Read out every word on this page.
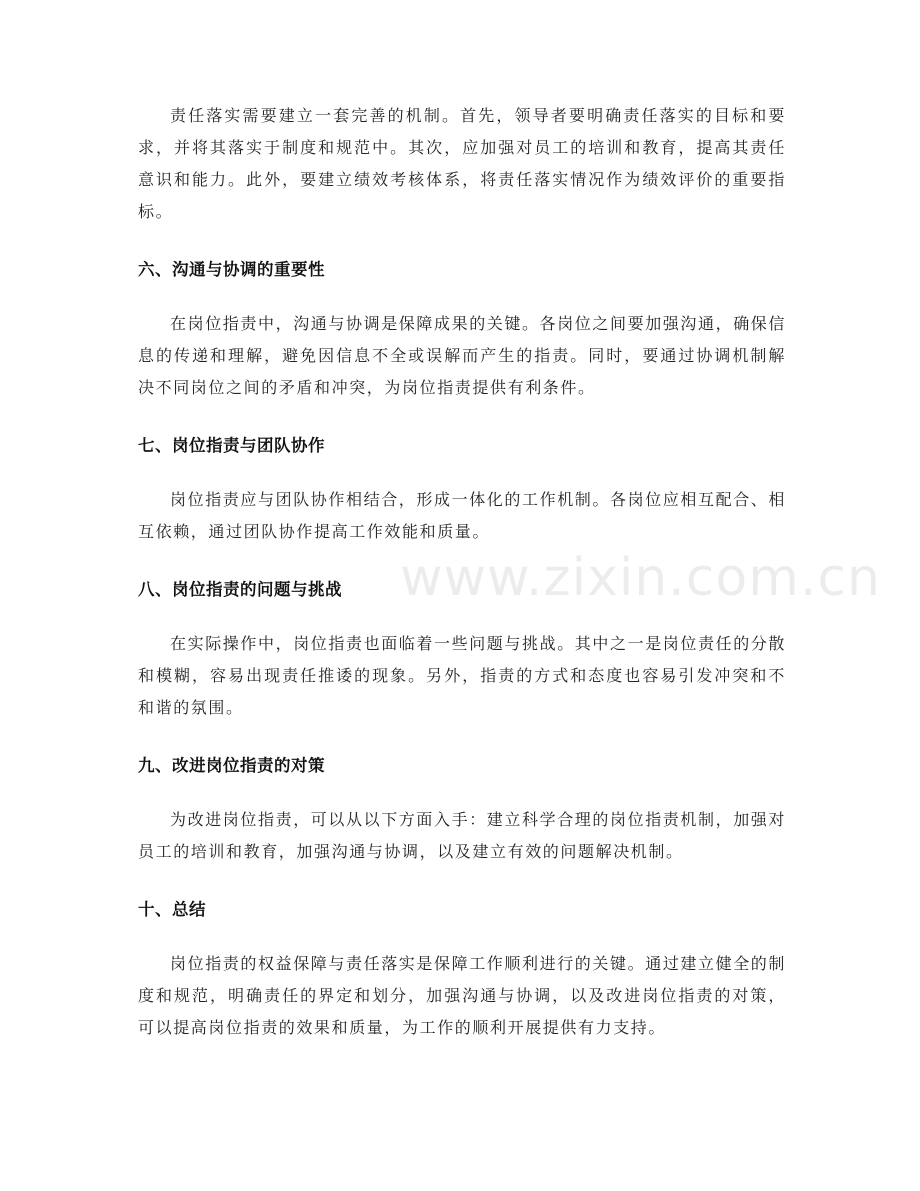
责任落实需要建立一套完善的机制。首先，领导者要明确责任落实的目标和要求，并将其落实于制度和规范中。其次，应加强对员工的培训和教育，提高其责任意识和能力。此外，要建立绩效考核体系，将责任落实情况作为绩效评价的重要指标。

六、沟通与协调的重要性

在岗位指责中，沟通与协调是保障成果的关键。各岗位之间要加强沟通，确保信息的传递和理解，避免因信息不全或误解而产生的指责。同时，要通过协调机制解决不同岗位之间的矛盾和冲突，为岗位指责提供有利条件。

七、岗位指责与团队协作

岗位指责应与团队协作相结合，形成一体化的工作机制。各岗位应相互配合、相互依赖，通过团队协作提高工作效能和质量。

八、岗位指责的问题与挑战

在实际操作中，岗位指责也面临着一些问题与挑战。其中之一是岗位责任的分散和模糊，容易出现责任推诿的现象。另外，指责的方式和态度也容易引发冲突和不和谐的氛围。

九、改进岗位指责的对策

为改进岗位指责，可以从以下方面入手：建立科学合理的岗位指责机制，加强对员工的培训和教育，加强沟通与协调，以及建立有效的问题解决机制。

十、总结

岗位指责的权益保障与责任落实是保障工作顺利进行的关键。通过建立健全的制度和规范，明确责任的界定和划分，加强沟通与协调，以及改进岗位指责的对策，可以提高岗位指责的效果和质量，为工作的顺利开展提供有力支持。

www.zixin.com.cn
